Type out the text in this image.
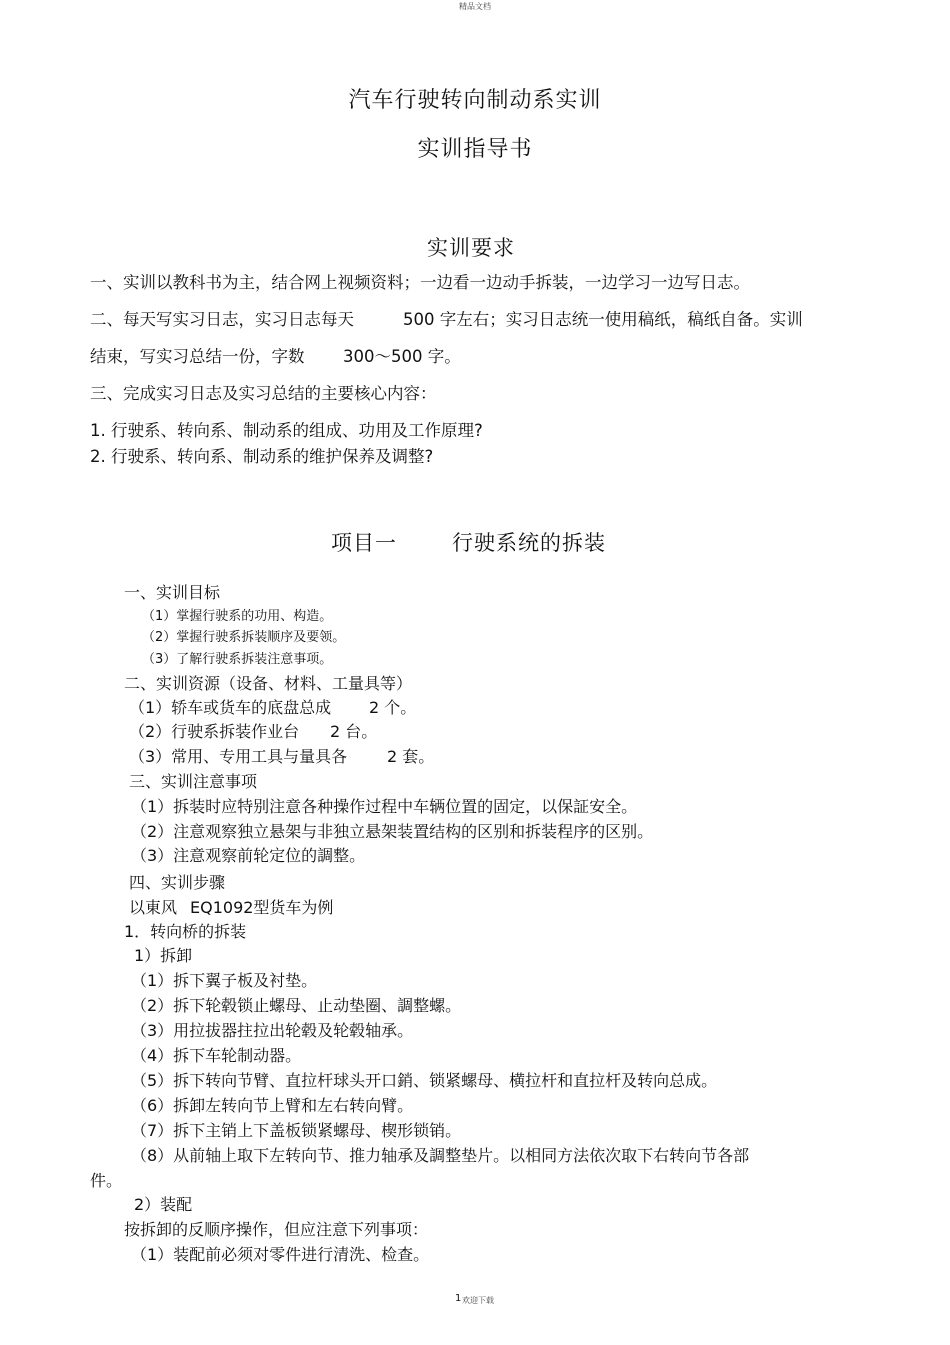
精品文档
汽车行驶转向制动系实训
实训指导书
实训要求
一、实训以教科书为主，结合网上视频资料；一边看一边动手拆装，一边学习一边写日志。
二、每天写实习日志，实习日志每天	500 字左右；实习日志统一使用稿纸，稿纸自备。实训
结束，写实习总结一份，字数 300～500 字。
三、完成实习日志及实习总结的主要核心内容：
1. 行驶系、转向系、制动系的组成、功用及工作原理?
2. 行驶系、转向系、制动系的维护保养及调整?
项目一	行驶系统的拆装
一、实训目标
（1）掌握行驶系的功用、构造。
（2）掌握行驶系拆装顺序及要领。
（3）了解行驶系拆装注意事项。
二、实训资源（设备、材料、工量具等）
（1）轿车或货车的底盘总成 2 个。
（2）行驶系拆装作业台 2 台。
（3）常用、专用工具与量具各 2 套。
三、实训注意事项
（1）拆装时应特别注意各种操作过程中车辆位置的固定，以保証安全。
（2）注意观察独立悬架与非独立悬架装置结构的区别和拆装程序的区别。
（3）注意观察前轮定位的調整。
四、实训步骤
以東风 EQ1092型货车为例
1．转向桥的拆装
1）拆卸
（1）拆下翼子板及衬垫。
（2）拆下轮毂锁止螺母、止动垫圈、調整螺。
（3）用拉拔器拄拉出轮毂及轮毂轴承。
（4）拆下车轮制动器。
（5）拆下转向节臂、直拉杆球头开口銷、锁紧螺母、横拉杆和直拉杆及转向总成。
（6）拆卸左转向节上臂和左右转向臂。
（7）拆下主销上下盖板锁紧螺母、楔形锁销。
（8）从前轴上取下左转向节、推力轴承及調整垫片。以相同方法依次取下右转向节各部
件。
2）装配
按拆卸的反顺序操作，但应注意下列事项：
（1）装配前必须对零件进行清洗、检查。
1 欢迎下载
